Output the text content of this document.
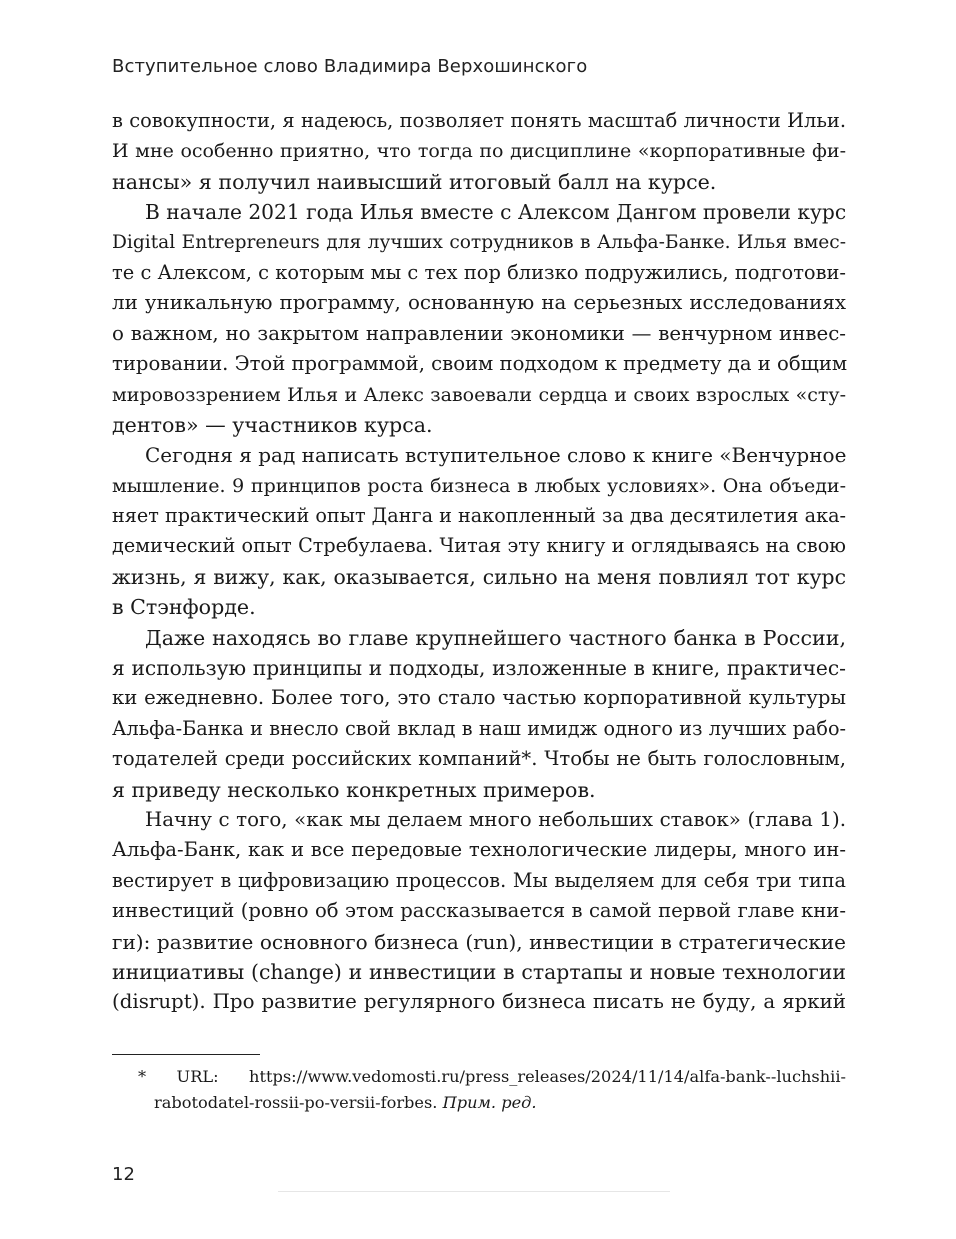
Вступительное слово Владимира Верхошинского
в совокупности, я надеюсь, позволяет понять масштаб личности Ильи.
И мне особенно приятно, что тогда по дисциплине «корпоративные фи-
нансы» я получил наивысший итоговый балл на курсе.
В начале 2021 года Илья вместе с Алексом Дангом провели курс
Digital Entrepreneurs для лучших сотрудников в Альфа-Банке. Илья вмес-
те с Алексом, с которым мы с тех пор близко подружились, подготови-
ли уникальную программу, основанную на серьезных исследованиях
о важном, но закрытом направлении экономики — венчурном инвес-
тировании. Этой программой, своим подходом к предмету да и общим
мировоззрением Илья и Алекс завоевали сердца и своих взрослых «сту-
дентов» — участников курса.
Сегодня я рад написать вступительное слово к книге «Венчурное
мышление. 9 принципов роста бизнеса в любых условиях». Она объеди-
няет практический опыт Данга и накопленный за два десятилетия ака-
демический опыт Стребулаева. Читая эту книгу и оглядываясь на свою
жизнь, я вижу, как, оказывается, сильно на меня повлиял тот курс
в Стэнфорде.
Даже находясь во главе крупнейшего частного банка в России,
я использую принципы и подходы, изложенные в книге, практичес-
ки ежедневно. Более того, это стало частью корпоративной культуры
Альфа-Банка и внесло свой вклад в наш имидж одного из лучших рабо-
тодателей среди российских компаний*. Чтобы не быть голословным,
я приведу несколько конкретных примеров.
Начну с того, «как мы делаем много небольших ставок» (глава 1).
Альфа-Банк, как и все передовые технологические лидеры, много ин-
вестирует в цифровизацию процессов. Мы выделяем для себя три типа
инвестиций (ровно об этом рассказывается в самой первой главе кни-
ги): развитие основного бизнеса (run), инвестиции в стратегические
инициативы (change) и инвестиции в стартапы и новые технологии
(disrupt). Про развитие регулярного бизнеса писать не буду, а яркий
* URL: https://www.vedomosti.ru/press_releases/2024/11/14/alfa-bank--luchshii-
rabotodatel-rossii-po-versii-forbes. Прим. ред.
12
